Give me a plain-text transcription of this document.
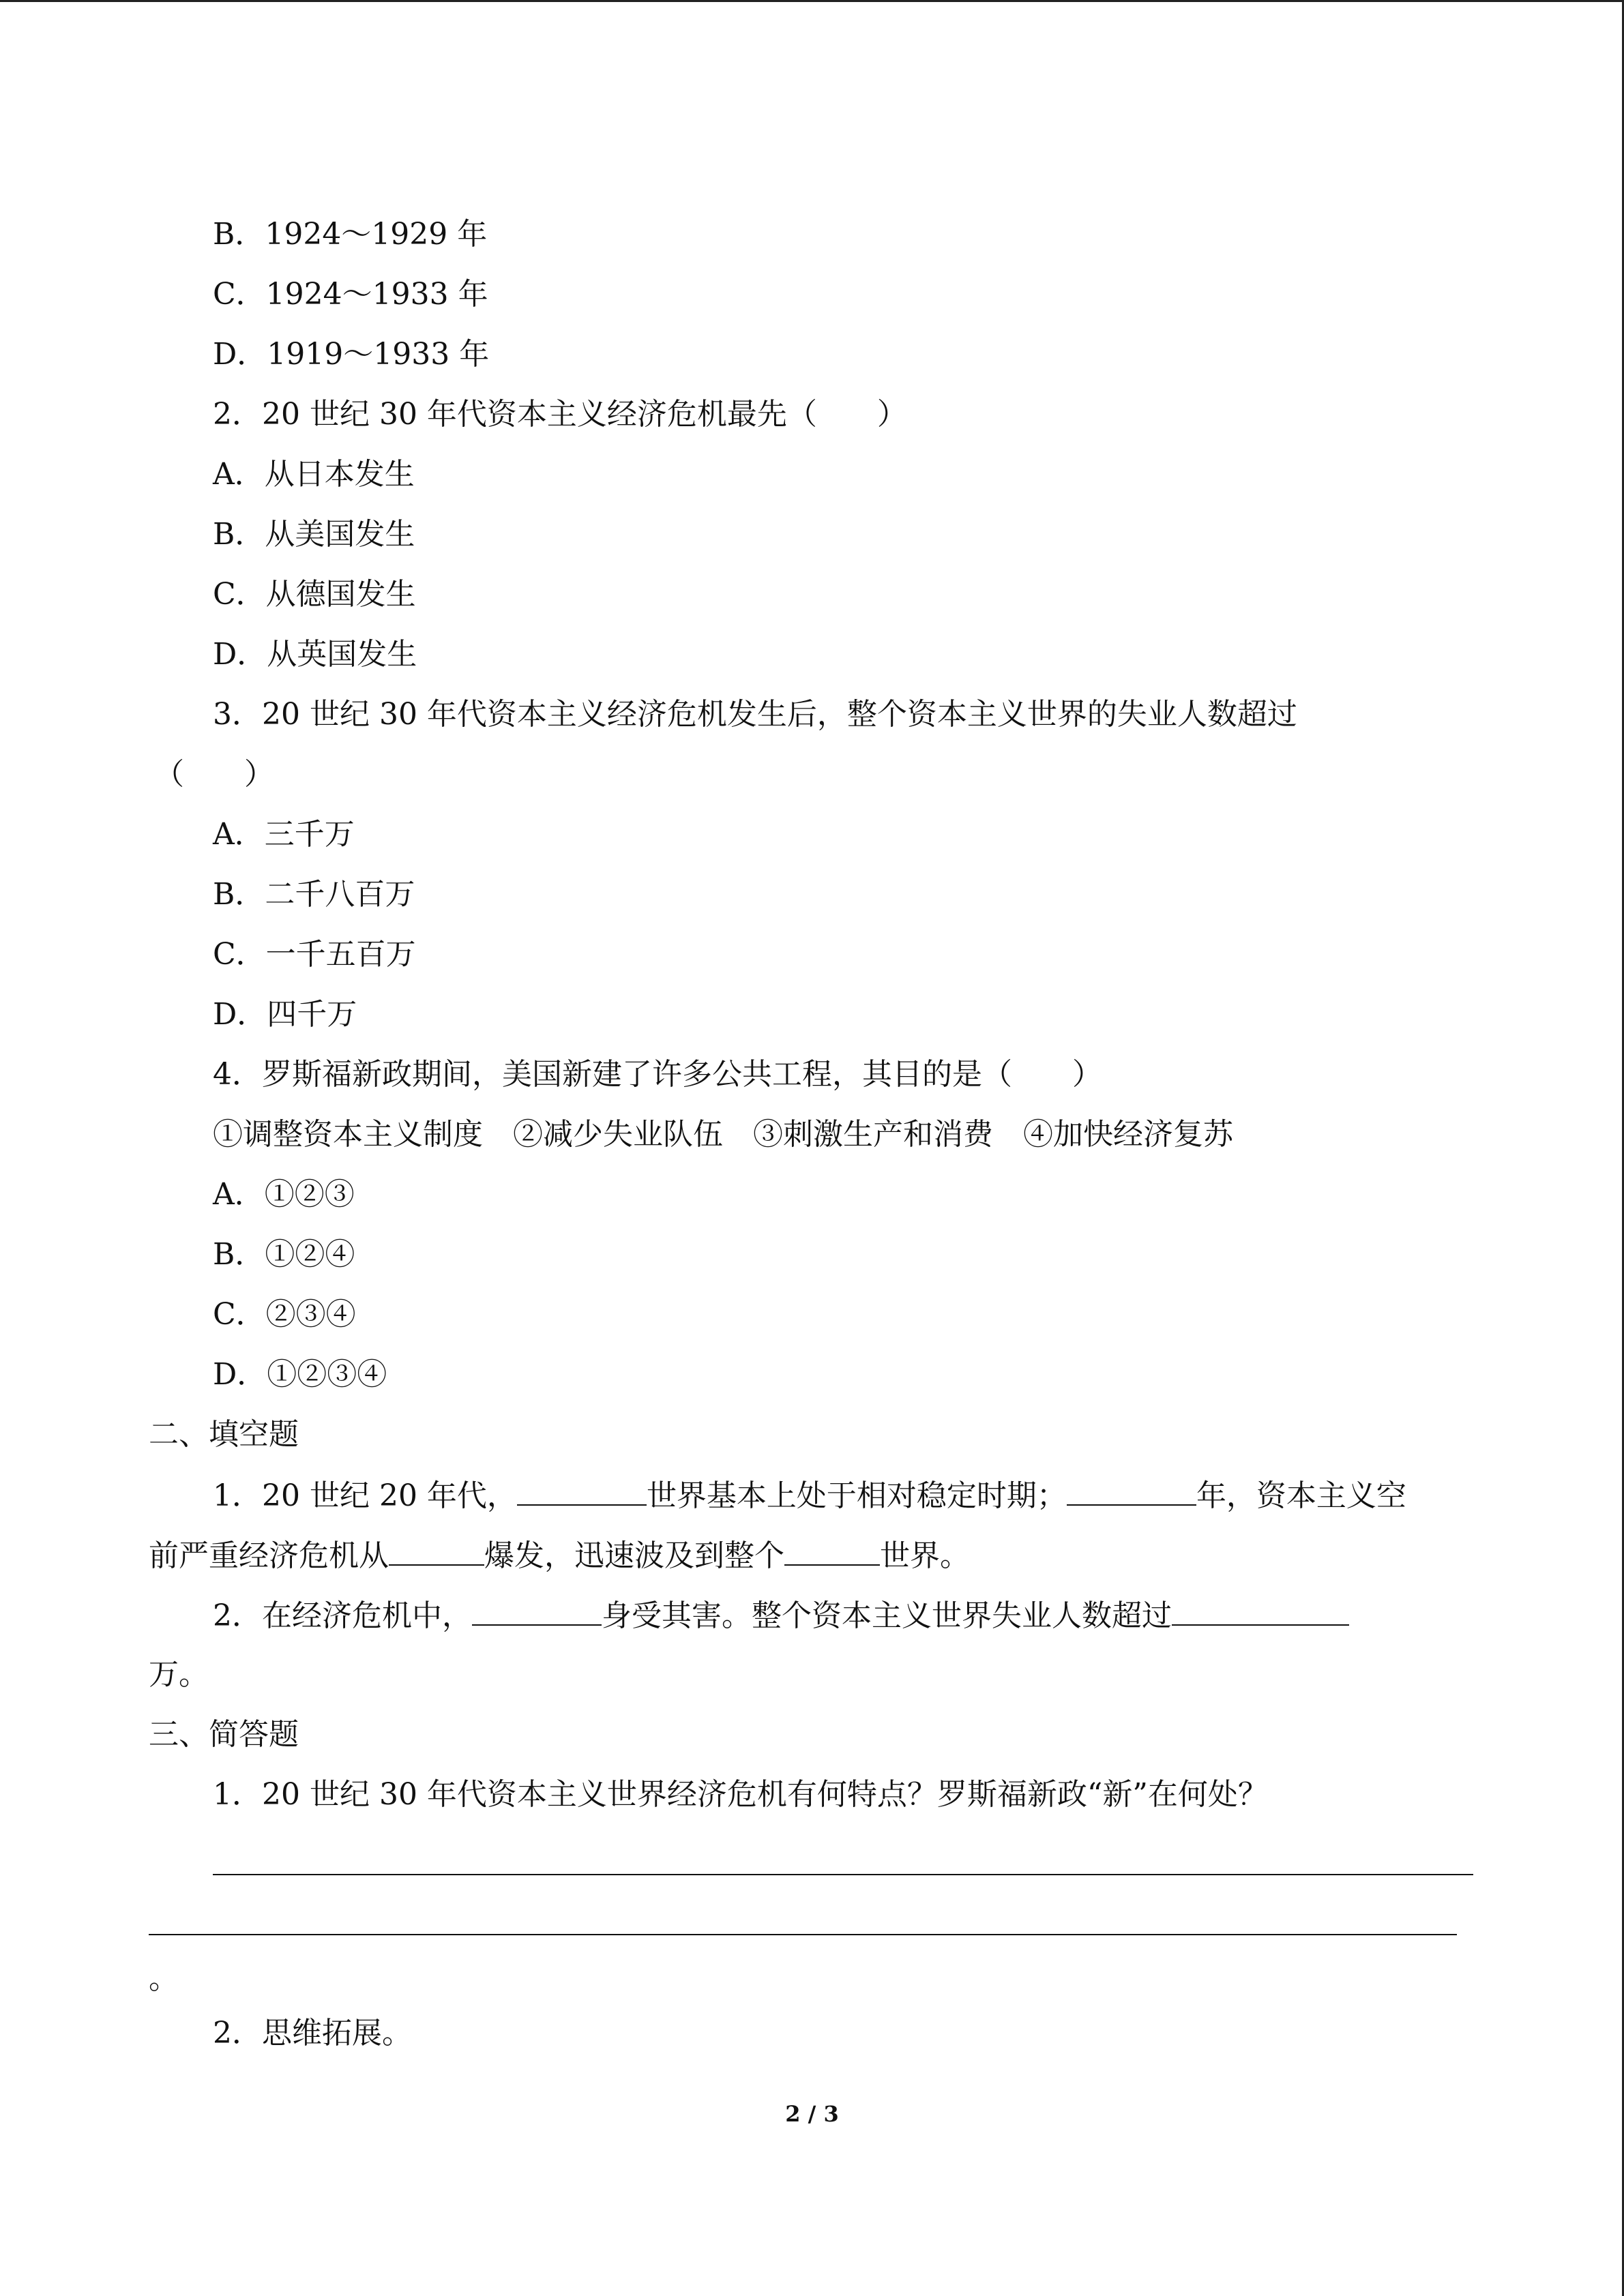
B．1924～1929 年
C．1924～1933 年
D．1919～1933 年
2．20 世纪 30 年代资本主义经济危机最先（　　）
A．从日本发生
B．从美国发生
C．从德国发生
D．从英国发生
3．20 世纪 30 年代资本主义经济危机发生后，整个资本主义世界的失业人数超过
（　　）
A．三千万
B．二千八百万
C．一千五百万
D．四千万
4．罗斯福新政期间，美国新建了许多公共工程，其目的是（　　）
①调整资本主义制度　②减少失业队伍　③刺激生产和消费　④加快经济复苏
A．①②③
B．①②④
C．②③④
D．①②③④
二、填空题
1．20 世纪 20 年代，	世界基本上处于相对稳定时期；	年，资本主义空
前严重经济危机从	爆发，迅速波及到整个	世界。
2．在经济危机中，	身受其害。整个资本主义世界失业人数超过
万。
三、简答题
1．20 世纪 30 年代资本主义世界经济危机有何特点？罗斯福新政“新”在何处？
。
2．思维拓展。
2 / 3
